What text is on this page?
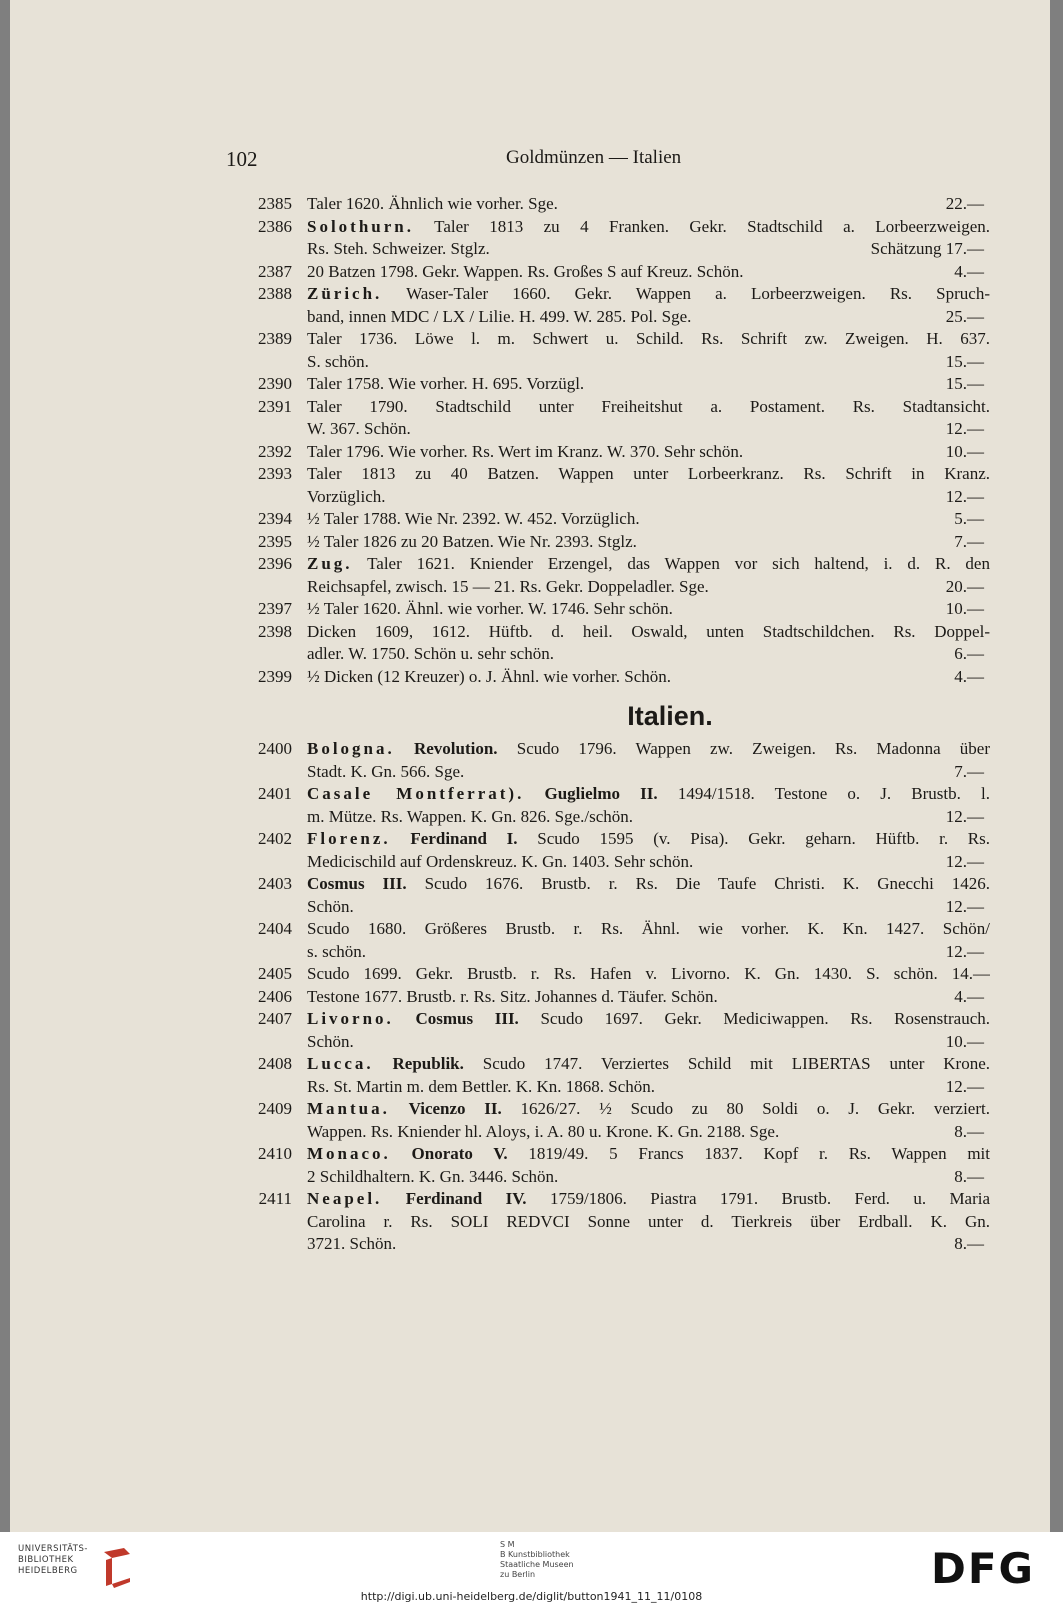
102	Goldmünzen — Italien
2385 Taler 1620. Ähnlich wie vorher. Sge.	22.—
2386 Solothurn. Taler 1813 zu 4 Franken. Gekr. Stadtschild a. Lorbeerzweigen.
Rs. Steh. Schweizer. Stglz.	Schätzung 17.—
2387 20 Batzen 1798. Gekr. Wappen. Rs. Großes S auf Kreuz. Schön.	4.—
2388 Zürich. Waser-Taler 1660. Gekr. Wappen a. Lorbeerzweigen. Rs. Spruch-
band, innen MDC / LX / Lilie. H. 499. W. 285. Pol. Sge.	25.—
2389 Taler 1736. Löwe l. m. Schwert u. Schild. Rs. Schrift zw. Zweigen. H. 637.
S. schön.	15.—
2390 Taler 1758. Wie vorher. H. 695. Vorzügl.	15.—
2391 Taler 1790. Stadtschild unter Freiheitshut a. Postament. Rs. Stadtansicht.
W. 367. Schön.	12.—
2392 Taler 1796. Wie vorher. Rs. Wert im Kranz. W. 370. Sehr schön.	10.—
2393 Taler 1813 zu 40 Batzen. Wappen unter Lorbeerkranz. Rs. Schrift in Kranz.
Vorzüglich.	12.—
2394 ½ Taler 1788. Wie Nr. 2392. W. 452. Vorzüglich.	5.—
2395 ½ Taler 1826 zu 20 Batzen. Wie Nr. 2393. Stglz.	7.—
2396 Zug. Taler 1621. Kniender Erzengel, das Wappen vor sich haltend, i. d. R. den
Reichsapfel, zwisch. 15 — 21. Rs. Gekr. Doppeladler. Sge.	20.—
2397 ½ Taler 1620. Ähnl. wie vorher. W. 1746. Sehr schön.	10.—
2398 Dicken 1609, 1612. Hüftb. d. heil. Oswald, unten Stadtschildchen. Rs. Doppel-
adler. W. 1750. Schön u. sehr schön.	6.—
2399 ½ Dicken (12 Kreuzer) o. J. Ähnl. wie vorher. Schön.	4.—
Italien.
2400 Bologna. Revolution. Scudo 1796. Wappen zw. Zweigen. Rs. Madonna über
Stadt. K. Gn. 566. Sge.	7.—
2401 Casale Montferrat). Guglielmo II. 1494/1518. Testone o. J. Brustb. l.
m. Mütze. Rs. Wappen. K. Gn. 826. Sge./schön.	12.—
2402 Florenz. Ferdinand I. Scudo 1595 (v. Pisa). Gekr. geharn. Hüftb. r. Rs.
Medicischild auf Ordenskreuz. K. Gn. 1403. Sehr schön.	12.—
2403 Cosmus III. Scudo 1676. Brustb. r. Rs. Die Taufe Christi. K. Gnecchi 1426.
Schön.	12.—
2404 Scudo 1680. Größeres Brustb. r. Rs. Ähnl. wie vorher. K. Kn. 1427. Schön/
s. schön.	12.—
2405 Scudo 1699. Gekr. Brustb. r. Rs. Hafen v. Livorno. K. Gn. 1430. S. schön. 14.—
2406 Testone 1677. Brustb. r. Rs. Sitz. Johannes d. Täufer. Schön.	4.—
2407 Livorno. Cosmus III. Scudo 1697. Gekr. Mediciwappen. Rs. Rosenstrauch.
Schön.	10.—
2408 Lucca. Republik. Scudo 1747. Verziertes Schild mit LIBERTAS unter Krone.
Rs. St. Martin m. dem Bettler. K. Kn. 1868. Schön.	12.—
2409 Mantua. Vicenzo II. 1626/27. ½ Scudo zu 80 Soldi o. J. Gekr. verziert.
Wappen. Rs. Kniender hl. Aloys, i. A. 80 u. Krone. K. Gn. 2188. Sge.	8.—
2410 Monaco. Onorato V. 1819/49. 5 Francs 1837. Kopf r. Rs. Wappen mit
2 Schildhaltern. K. Gn. 3446. Schön.	8.—
2411 Neapel. Ferdinand IV. 1759/1806. Piastra 1791. Brustb. Ferd. u. Maria
Carolina r. Rs. SOLI REDVCI Sonne unter d. Tierkreis über Erdball. K. Gn.
3721. Schön.	8.—
UNIVERSITÄTS-
BIBLIOTHEK
HEIDELBERG
S M
B Kunstbibliothek
Staatliche Museen
zu Berlin	DFG
http://digi.ub.uni-heidelberg.de/diglit/button1941_11_11/0108
